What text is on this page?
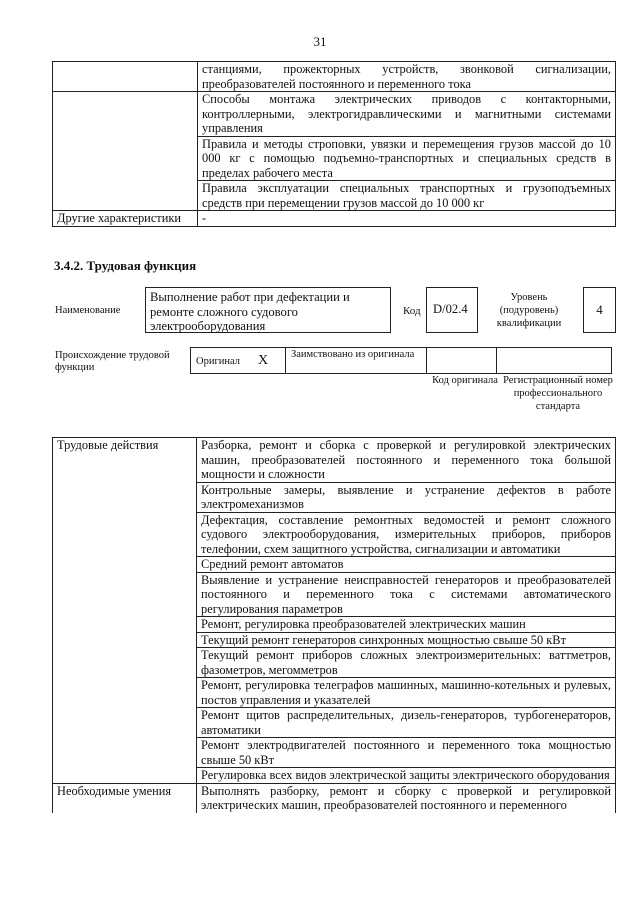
31
	станциями, прожекторных устройств, звонковой сигнализации, преобразователей постоянного и переменного тока
	Способы монтажа электрических приводов с контакторными, контроллерными, электрогидравлическими и магнитными системами управления
	Правила и методы строповки, увязки и перемещения грузов массой до 10 000 кг с помощью подъемно-транспортных и специальных средств в пределах рабочего места
	Правила эксплуатации специальных транспортных и грузоподъемных средств при перемещении грузов массой до 10 000 кг
Другие характеристики	-
3.4.2. Трудовая функция
Наименование
Выполнение работ при дефектации и ремонте сложного судового электрооборудования
Код D/02.4
Уровень (подуровень) квалификации
4
Происхождение трудовой функции
Оригинал X	Заимствовано из оригинала		
Код оригинала Регистрационный номер профессионального стандарта
Трудовые действия	Разборка, ремонт и сборка с проверкой и регулировкой электрических машин, преобразователей постоянного и переменного тока большой мощности и сложности
	Контрольные замеры, выявление и устранение дефектов в работе электромеханизмов
	Дефектация, составление ремонтных ведомостей и ремонт сложного судового электрооборудования, измерительных приборов, приборов телефонии, схем защитного устройства, сигнализации и автоматики
	Средний ремонт автоматов
	Выявление и устранение неисправностей генераторов и преобразователей постоянного и переменного тока с системами автоматического регулирования параметров
	Ремонт, регулировка преобразователей электрических машин
	Текущий ремонт генераторов синхронных мощностью свыше 50 кВт
	Текущий ремонт приборов сложных электроизмерительных: ваттметров, фазометров, мегомметров
	Ремонт, регулировка телеграфов машинных, машинно-котельных и рулевых, постов управления и указателей
	Ремонт щитов распределительных, дизель-генераторов, турбогенераторов, автоматики
	Ремонт электродвигателей постоянного и переменного тока мощностью свыше 50 кВт
	Регулировка всех видов электрической защиты электрического оборудования
Необходимые умения	Выполнять разборку, ремонт и сборку с проверкой и регулировкой электрических машин, преобразователей постоянного и переменного
